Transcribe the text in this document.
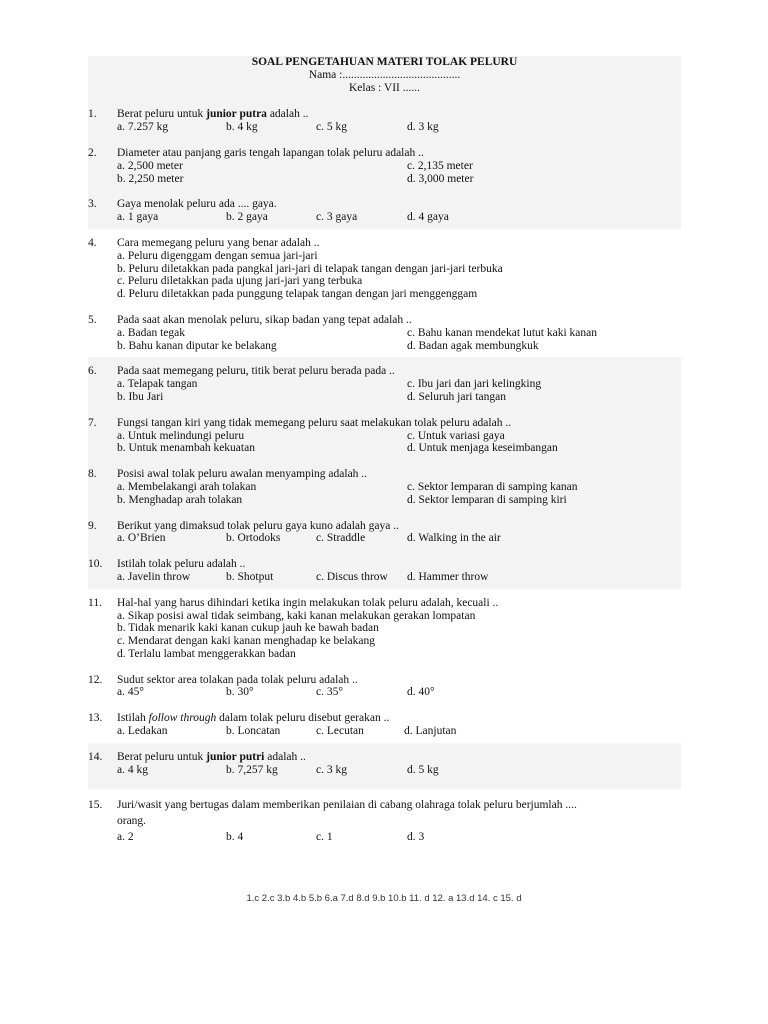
SOAL PENGETAHUAN MATERI TOLAK PELURU
Nama :.........................................
Kelas : VII ......
1. Berat peluru untuk junior putra adalah ..
a. 7.257 kg	b. 4 kg	c. 5 kg	d. 3 kg
2. Diameter atau panjang garis tengah lapangan tolak peluru adalah ..
a. 2,500 meter	c. 2,135 meter
b. 2,250 meter	d. 3,000 meter
3. Gaya menolak peluru ada .... gaya.
a. 1 gaya	b. 2 gaya	c. 3 gaya	d. 4 gaya
4. Cara memegang peluru yang benar adalah ..
a. Peluru digenggam dengan semua jari-jari
b. Peluru diletakkan pada pangkal jari-jari di telapak tangan dengan jari-jari terbuka
c. Peluru diletakkan pada ujung jari-jari yang terbuka
d. Peluru diletakkan pada punggung telapak tangan dengan jari menggenggam
5. Pada saat akan menolak peluru, sikap badan yang tepat adalah ..
a. Badan tegak	c. Bahu kanan mendekat lutut kaki kanan
b. Bahu kanan diputar ke belakang	d. Badan agak membungkuk
6. Pada saat memegang peluru, titik berat peluru berada pada ..
a. Telapak tangan	c. Ibu jari dan jari kelingking
b. Ibu Jari	d. Seluruh jari tangan
7. Fungsi tangan kiri yang tidak memegang peluru saat melakukan tolak peluru adalah ..
a. Untuk melindungi peluru	c. Untuk variasi gaya
b. Untuk menambah kekuatan	d. Untuk menjaga keseimbangan
8. Posisi awal tolak peluru awalan menyamping adalah ..
a. Membelakangi arah tolakan	c. Sektor lemparan di samping kanan
b. Menghadap arah tolakan	d. Sektor lemparan di samping kiri
9. Berikut yang dimaksud tolak peluru gaya kuno adalah gaya ..
a. O’Brien	b. Ortodoks	c. Straddle	d. Walking in the air
10. Istilah tolak peluru adalah ..
a. Javelin throw	b. Shotput	c. Discus throw	d. Hammer throw
11. Hal-hal yang harus dihindari ketika ingin melakukan tolak peluru adalah, kecuali ..
a. Sikap posisi awal tidak seimbang, kaki kanan melakukan gerakan lompatan
b. Tidak menarik kaki kanan cukup jauh ke bawah badan
c. Mendarat dengan kaki kanan menghadap ke belakang
d. Terlalu lambat menggerakkan badan
12. Sudut sektor area tolakan pada tolak peluru adalah ..
a. 45°	b. 30°	c. 35°	d. 40°
13. Istilah follow through dalam tolak peluru disebut gerakan ..
a. Ledakan	b. Loncatan	c. Lecutan	d. Lanjutan
14. Berat peluru untuk junior putri adalah ..
a. 4 kg	b. 7,257 kg	c. 3 kg	d. 5 kg
15. Juri/wasit yang bertugas dalam memberikan penilaian di cabang olahraga tolak peluru berjumlah ....
orang.
a. 2	b. 4	c. 1	d. 3
1.c 2.c 3.b 4.b 5.b 6.a 7.d 8.d 9.b 10.b 11. d 12. a 13.d 14. c 15. d
